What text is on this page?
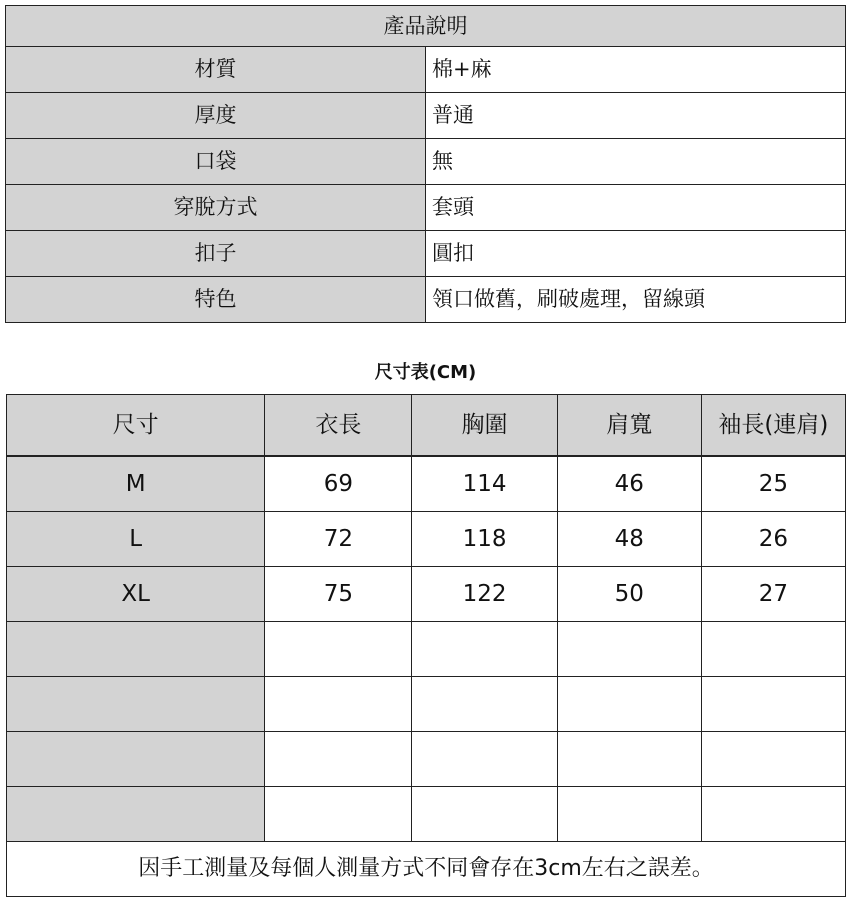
產品說明	
材質	棉+麻
厚度	普通
口袋	無
穿脫方式	套頭
扣子	圓扣
特色	領口做舊，刷破處理，留線頭
尺寸表(CM)
尺寸	衣長	胸圍	肩寬	袖長(連肩)
M	69	114	46	25
L	72	118	48	26
XL	75	122	50	27

因手工測量及每個人測量方式不同會存在3cm左右之誤差。				
